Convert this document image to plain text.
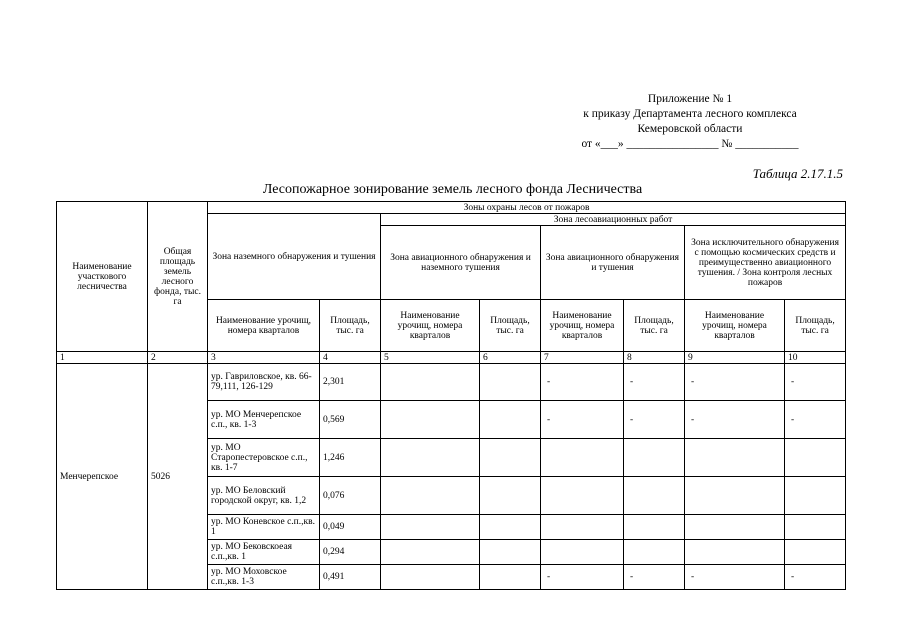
Приложение № 1
к приказу Департамента лесного комплекса
Кемеровской области
от «___» ________________ № ___________
Таблица 2.17.1.5
Лесопожарное зонирование земель лесного фонда Лесничества
Наименование участкового лесничества	Общая площадь земель лесного фонда, тыс. га	Зоны охраны лесов от пожаров							
		Зона наземного обнаружения и тушения		Зона лесоавиационных работ					
				Зона авиационного обнаружения и наземного тушения		Зона авиационного обнаружения и тушения		Зона исключительного обнаружения с помощью космических средств и преимущественно авиационного тушения. / Зона контроля лесных пожаров	
		Наименование урочищ, номера кварталов	Площадь, тыс. га	Наименование урочищ, номера кварталов	Площадь, тыс. га	Наименование урочищ, номера кварталов	Площадь, тыс. га	Наименование урочищ, номера кварталов	Площадь, тыс. га
1	2	3	4	5	6	7	8	9	10
Менчерепское	5026	ур. Гавриловское, кв. 66-79,111, 126-129	2,301			-	-	-	-
		ур. МО Менчерепское с.п., кв. 1-3	0,569			-	-	-	-
		ур. МО Старопестеровское с.п., кв. 1-7	1,246						
		ур. МО Беловский городской округ, кв. 1,2	0,076						
		ур. МО Коневское с.п.,кв. 1	0,049						
		ур. МО Бековскоеая с.п.,кв. 1	0,294						
		ур. МО Моховское с.п.,кв. 1-3	0,491			-	-	-	-
